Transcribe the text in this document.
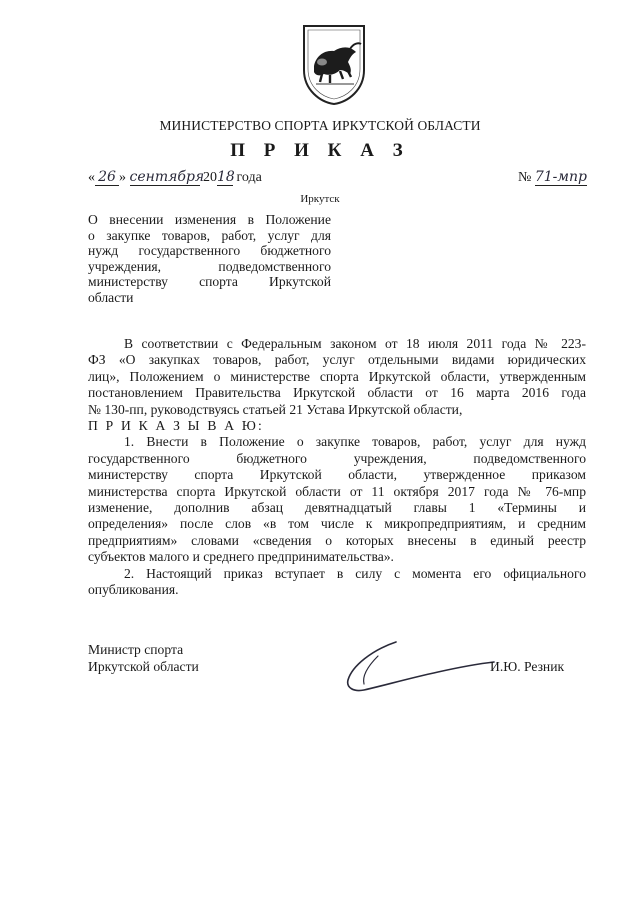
МИНИСТЕРСТВО СПОРТА ИРКУТСКОЙ ОБЛАСТИ
П Р И К А З
« 26 » сентября 2018 года	№ 71-мпр
Иркутск
О внесении изменения в Положение
о закупке товаров, работ, услуг для
нужд государственного бюджетного
учреждения,           подведомственного
министерству    спорта    Иркутской
области
В соответствии с Федеральным законом от 18 июля 2011 года № 223-
ФЗ «О закупках товаров, работ, услуг отдельными видами юридических
лиц», Положением о министерстве спорта Иркутской области, утвержденным
постановлением Правительства Иркутской области от 16 марта 2016 года
№ 130-пп, руководствуясь статьей 21 Устава Иркутской области,
П Р И К А З Ы В А Ю:
1. Внести в Положение о закупке товаров, работ, услуг для нужд
государственного          бюджетного          учреждения,          подведомственного
министерству    спорта    Иркутской    области,    утвержденное    приказом
министерства спорта Иркутской области от 11 октября 2017 года № 76-мпр
изменение,   дополнив   абзац   девятнадцатый   главы   1   «Термины   и
определения» после слов «в том числе к микропредприятиям, и средним
предприятиям» словами «сведения о которых внесены в единый реестр
субъектов малого и среднего предпринимательства».
2. Настоящий приказ вступает в силу с момента его официального
опубликования.
Министр спорта
Иркутской области	И.Ю. Резник
